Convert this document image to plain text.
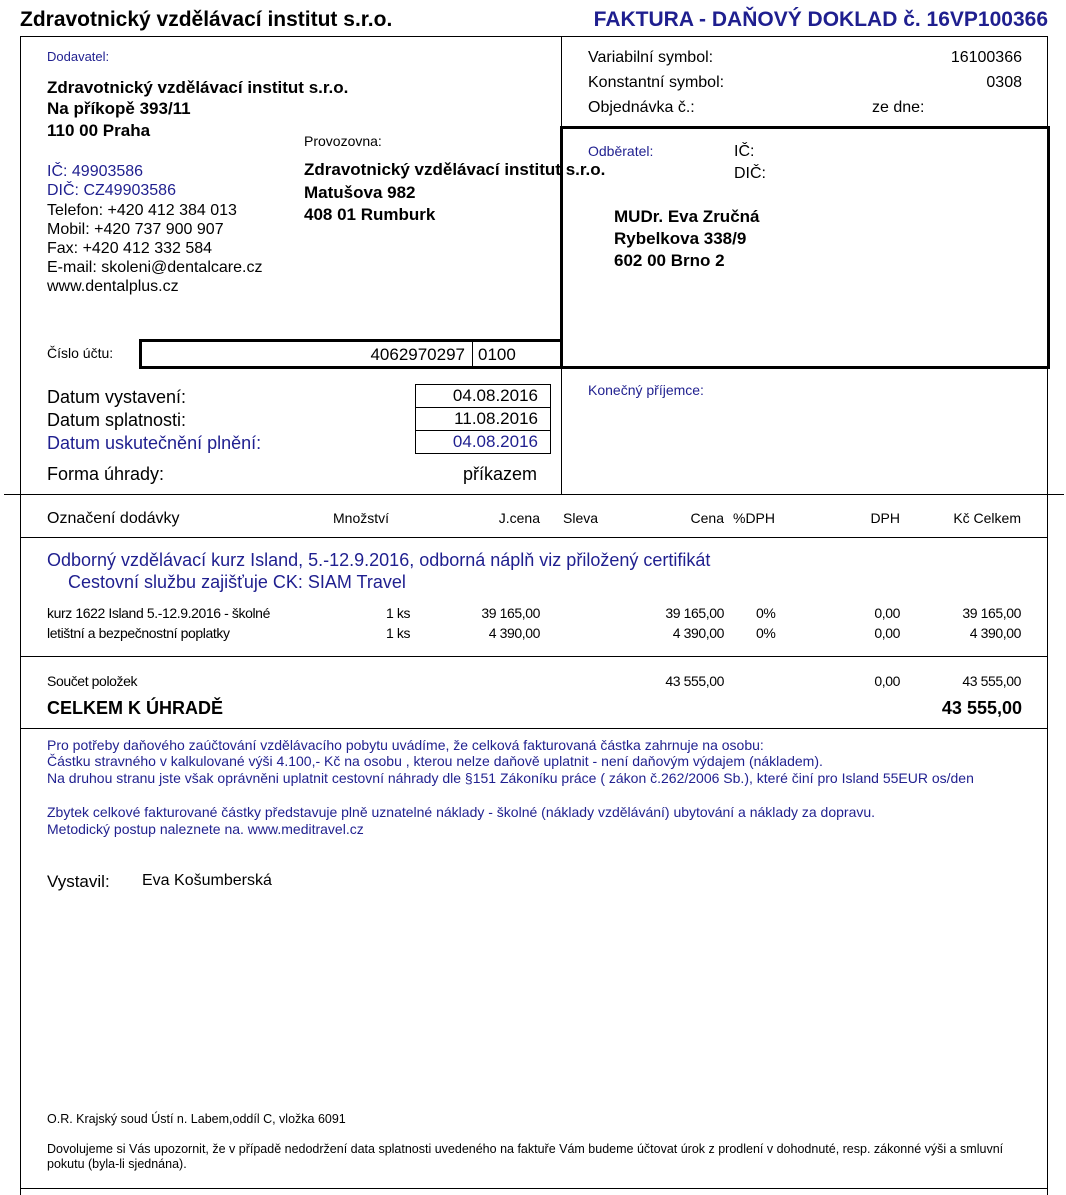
Zdravotnický vzdělávací institut s.r.o.	FAKTURA - DAŇOVÝ DOKLAD č. 16VP100366
Dodavatel:
Zdravotnický vzdělávací institut s.r.o.
Na příkopě 393/11
110 00 Praha
IČ: 49903586
DIČ: CZ49903586
Telefon: +420 412 384 013
Mobil: +420 737 900 907
Fax: +420 412 332 584
E-mail: skoleni@dentalcare.cz
www.dentalplus.cz
Provozovna:
Zdravotnický vzdělávací institut s.r.o.
Matušova 982
408 01 Rumburk
Číslo účtu:	4062970297 0100
Variabilní symbol:	16100366
Konstantní symbol:	0308
Objednávka č.:	ze dne:
Odběratel:	IČ:
DIČ:
MUDr. Eva Zručná
Rybelkova 338/9
602 00 Brno 2
Konečný příjemce:
Datum vystavení:	04.08.2016
Datum splatnosti:	11.08.2016
Datum uskutečnění plnění:	04.08.2016
Forma úhrady:	příkazem
Označení dodávky	Množství	J.cena Sleva	Cena %DPH	DPH	Kč Celkem
Odborný vzdělávací kurz Island, 5.-12.9.2016, odborná náplň viz přiložený certifikát
Cestovní službu zajišťuje CK: SIAM Travel
kurz 1622 Island 5.-12.9.2016 - školné	1 ks	39 165,00	39 165,00 0%	0,00	39 165,00
letištní a bezpečnostní poplatky	1 ks	4 390,00	4 390,00 0%	0,00	4 390,00
Součet položek	43 555,00	0,00	43 555,00
CELKEM K ÚHRADĚ	43 555,00
Pro potřeby daňového zaúčtování vzdělávacího pobytu uvádíme, že celková fakturovaná částka zahrnuje na osobu:
Částku stravného v kalkulované výši 4.100,- Kč na osobu , kterou nelze daňově uplatnit - není daňovým výdajem (nákladem).
Na druhou stranu jste však oprávněni uplatnit cestovní náhrady dle §151 Zákoníku práce ( zákon č.262/2006 Sb.), které činí pro Island 55EUR os/den
Zbytek celkové fakturované částky představuje plně uznatelné náklady - školné (náklady vzdělávání) ubytování a náklady za dopravu.
Metodický postup naleznete na. www.meditravel.cz
Vystavil: Eva Košumberská
O.R. Krajský soud Ústí n. Labem,oddíl C, vložka 6091
Dovolujeme si Vás upozornit, že v případě nedodržení data splatnosti uvedeného na faktuře Vám budeme účtovat úrok z prodlení v dohodnuté, resp. zákonné výši a smluvní pokutu (byla-li sjednána).
